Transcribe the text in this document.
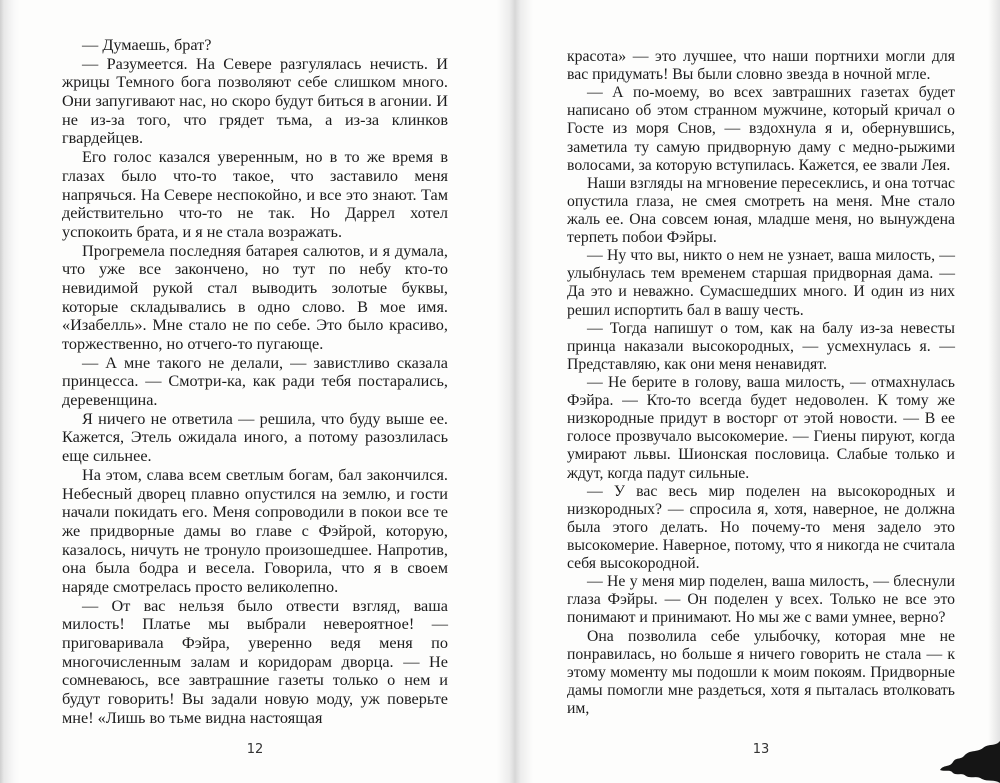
— Думаешь, брат?

— Разумеется. На Севере разгулялась нечисть. И жрицы Темного бога позволяют себе слишком много. Они запугивают нас, но скоро будут биться в агонии. И не из-за того, что грядет тьма, а из-за клинков гвардейцев.

Его голос казался уверенным, но в то же время в глазах было что-то такое, что заставило меня напрячься. На Севере неспокойно, и все это знают. Там действительно что-то не так. Но Даррел хотел успокоить брата, и я не стала возражать.

Прогремела последняя батарея салютов, и я думала, что уже все закончено, но тут по небу кто-то невидимой рукой стал выводить золотые буквы, которые складывались в одно слово. В мое имя. «Изабелль». Мне стало не по себе. Это было красиво, торжественно, но отчего-то пугающе.

— А мне такого не делали, — завистливо сказала принцесса. — Смотри-ка, как ради тебя постарались, деревенщина.

Я ничего не ответила — решила, что буду выше ее. Кажется, Этель ожидала иного, а потому разозлилась еще сильнее.

На этом, слава всем светлым богам, бал закончился. Небесный дворец плавно опустился на землю, и гости начали покидать его. Меня сопроводили в покои все те же придворные дамы во главе с Фэйрой, которую, казалось, ничуть не тронуло произошедшее. Напротив, она была бодра и весела. Говорила, что я в своем наряде смотрелась просто великолепно.

— От вас нельзя было отвести взгляд, ваша милость! Платье мы выбрали невероятное! — приговаривала Фэйра, уверенно ведя меня по многочисленным залам и коридорам дворца. — Не сомневаюсь, все завтрашние газеты только о нем и будут говорить! Вы задали новую моду, уж поверьте мне! «Лишь во тьме видна настоящая

12

красота» — это лучшее, что наши портнихи могли для вас придумать! Вы были словно звезда в ночной мгле.

— А по-моему, во всех завтрашних газетах будет написано об этом странном мужчине, который кричал о Госте из моря Снов, — вздохнула я и, обернувшись, заметила ту самую придворную даму с медно-рыжими волосами, за которую вступилась. Кажется, ее звали Лея.

Наши взгляды на мгновение пересеклись, и она тотчас опустила глаза, не смея смотреть на меня. Мне стало жаль ее. Она совсем юная, младше меня, но вынуждена терпеть побои Фэйры.

— Ну что вы, никто о нем не узнает, ваша милость, — улыбнулась тем временем старшая придворная дама. — Да это и неважно. Сумасшедших много. И один из них решил испортить бал в вашу честь.

— Тогда напишут о том, как на балу из-за невесты принца наказали высокородных, — усмехнулась я. — Представляю, как они меня ненавидят.

— Не берите в голову, ваша милость, — отмахнулась Фэйра. — Кто-то всегда будет недоволен. К тому же низкородные придут в восторг от этой новости. — В ее голосе прозвучало высокомерие. — Гиены пируют, когда умирают львы. Шионская пословица. Слабые только и ждут, когда падут сильные.

— У вас весь мир поделен на высокородных и низкородных? — спросила я, хотя, наверное, не должна была этого делать. Но почему-то меня задело это высокомерие. Наверное, потому, что я никогда не считала себя высокородной.

— Не у меня мир поделен, ваша милость, — блеснули глаза Фэйры. — Он поделен у всех. Только не все это понимают и принимают. Но мы же с вами умнее, верно?

Она позволила себе улыбочку, которая мне не понравилась, но больше я ничего говорить не стала — к этому моменту мы подошли к моим покоям. Придворные дамы помогли мне раздеться, хотя я пыталась втолковать им,

13
